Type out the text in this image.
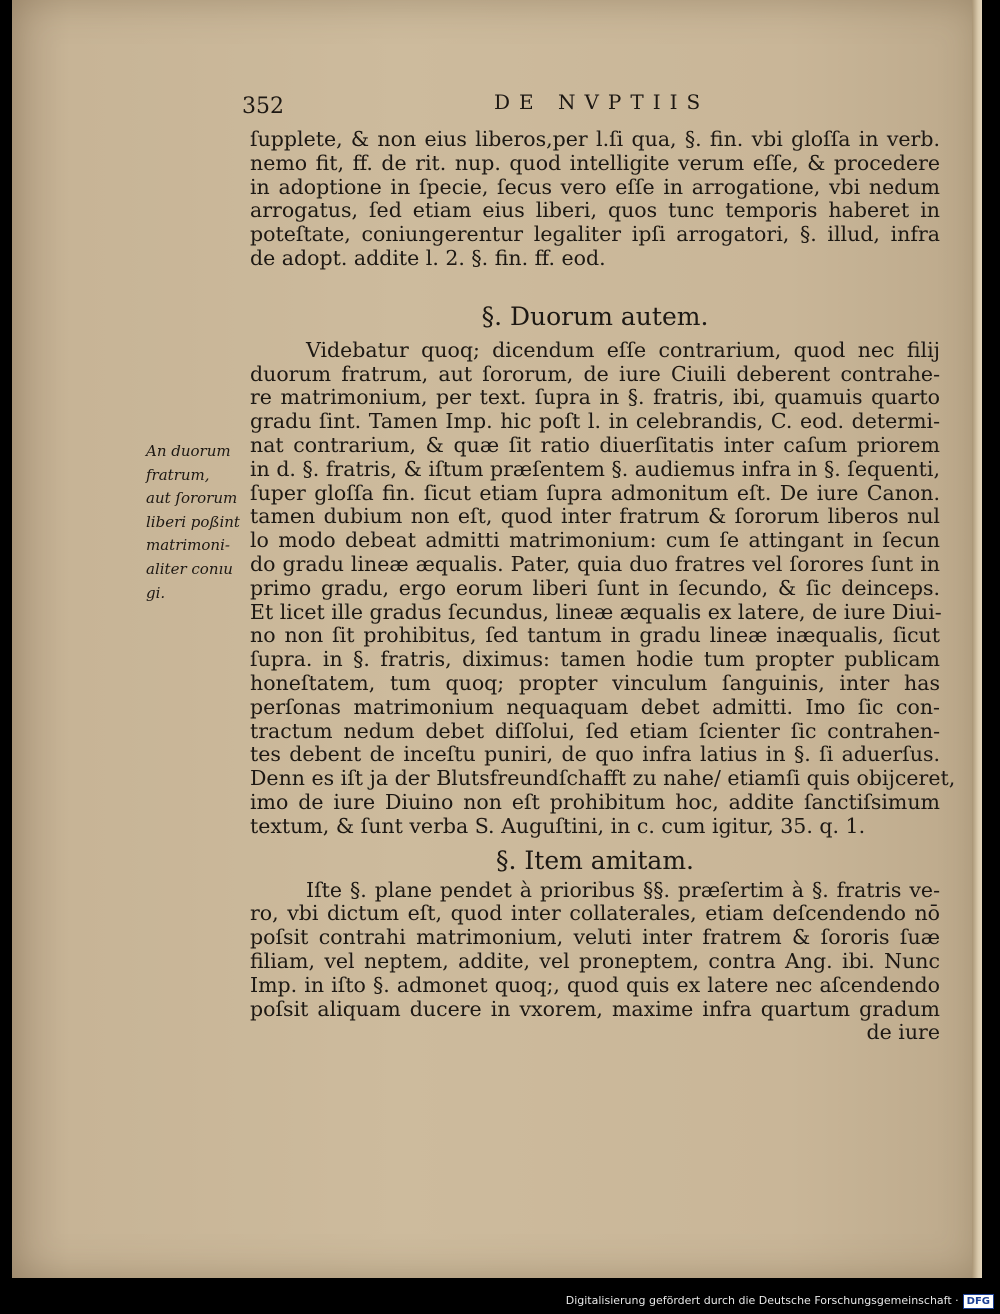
352	DE NVPTIIS
ſupplete, & non eius liberos,per l.ſi qua, §. fin. vbi gloſſa in verb.
nemo fit, ff. de rit. nup. quod intelligite verum eſſe, & procedere
in adoptione in ſpecie, ſecus vero eſſe in arrogatione, vbi nedum
arrogatus, ſed etiam eius liberi, quos tunc temporis haberet in
poteſtate, coniungerentur legaliter ipſi arrogatori, §. illud, infra
de adopt. addite l. 2. §. fin. ff. eod.
§. Duorum autem.
Videbatur quoq; dicendum eſſe contrarium, quod nec filij
duorum fratrum, aut ſororum, de iure Ciuili deberent contrahe-
re matrimonium, per text. ſupra in §. fratris, ibi, quamuis quarto
gradu ſint. Tamen Imp. hic poſt l. in celebrandis, C. eod. determi-
nat contrarium, & quæ ſit ratio diuerſitatis inter caſum priorem
in d. §. fratris, & iſtum præſentem §. audiemus infra in §. ſequenti,
ſuper gloſſa fin. ſicut etiam ſupra admonitum eſt. De iure Canon.
tamen dubium non eſt, quod inter fratrum & ſororum liberos nul
lo modo debeat admitti matrimonium: cum ſe attingant in ſecun
do gradu lineæ æqualis. Pater, quia duo fratres vel ſorores ſunt in
primo gradu, ergo eorum liberi ſunt in ſecundo, & ſic deinceps.
Et licet ille gradus ſecundus, lineæ æqualis ex latere, de iure Diui-
no non ſit prohibitus, ſed tantum in gradu lineæ inæqualis, ſicut
ſupra. in §. fratris, diximus: tamen hodie tum propter publicam
honeſtatem, tum quoq; propter vinculum ſanguinis, inter has
perſonas matrimonium nequaquam debet admitti. Imo ſic con-
tractum nedum debet diſſolui, ſed etiam ſcienter ſic contrahen-
tes debent de inceſtu puniri, de quo infra latius in §. ſi aduerſus.
Denn es iſt ja der Blutsfreundſchafft zu nahe/ etiamſi quis obijceret,
imo de iure Diuino non eſt prohibitum hoc, addite ſanctiſsimum
textum, & ſunt verba S. Auguſtini, in c. cum igitur, 35. q. 1.
§. Item amitam.
Iſte §. plane pendet à prioribus §§. præſertim à §. fratris ve-
ro, vbi dictum eſt, quod inter collaterales, etiam deſcendendo nō
poſsit contrahi matrimonium, veluti inter fratrem & ſororis ſuæ
filiam, vel neptem, addite, vel proneptem, contra Ang. ibi. Nunc
Imp. in iſto §. admonet quoq;, quod quis ex latere nec aſcendendo
poſsit aliquam ducere in vxorem, maxime infra quartum gradum
de iure
An duorum
fratrum,
aut ſororum
liberi poßint
matrimoni-
aliter conıu
gi.
Digitalisierung gefördert durch die Deutsche Forschungsgemeinschaft · DFG
